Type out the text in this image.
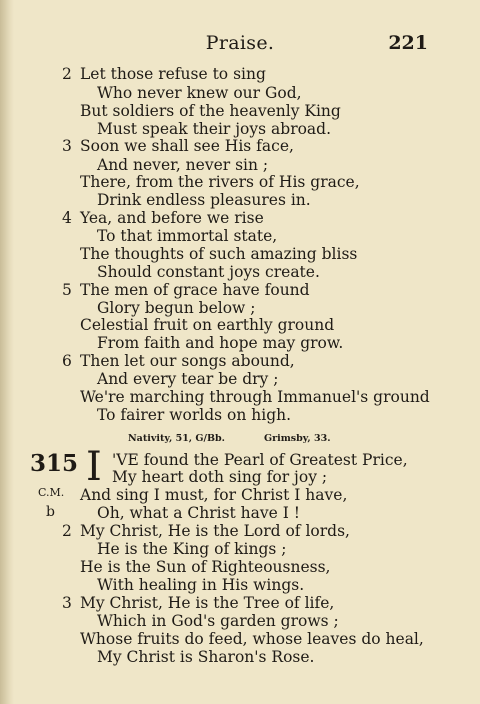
Praise.	221
2 Let those refuse to sing
Who never knew our God,
But soldiers of the heavenly King
Must speak their joys abroad.
3 Soon we shall see His face,
And never, never sin ;
There, from the rivers of His grace,
Drink endless pleasures in.
4 Yea, and before we rise
To that immortal state,
The thoughts of such amazing bliss
Should constant joys create.
5 The men of grace have found
Glory begun below ;
Celestial fruit on earthly ground
From faith and hope may grow.
6 Then let our songs abound,
And every tear be dry ;
We're marching through Immanuel's ground
To fairer worlds on high.
Nativity, 51, G/Bb.	Grimsby, 33.
315 I
C.M.
b
'VE found the Pearl of Greatest Price,
My heart doth sing for joy ;
And sing I must, for Christ I have,
Oh, what a Christ have I !
2 My Christ, He is the Lord of lords,
He is the King of kings ;
He is the Sun of Righteousness,
With healing in His wings.
3 My Christ, He is the Tree of life,
Which in God's garden grows ;
Whose fruits do feed, whose leaves do heal,
My Christ is Sharon's Rose.
